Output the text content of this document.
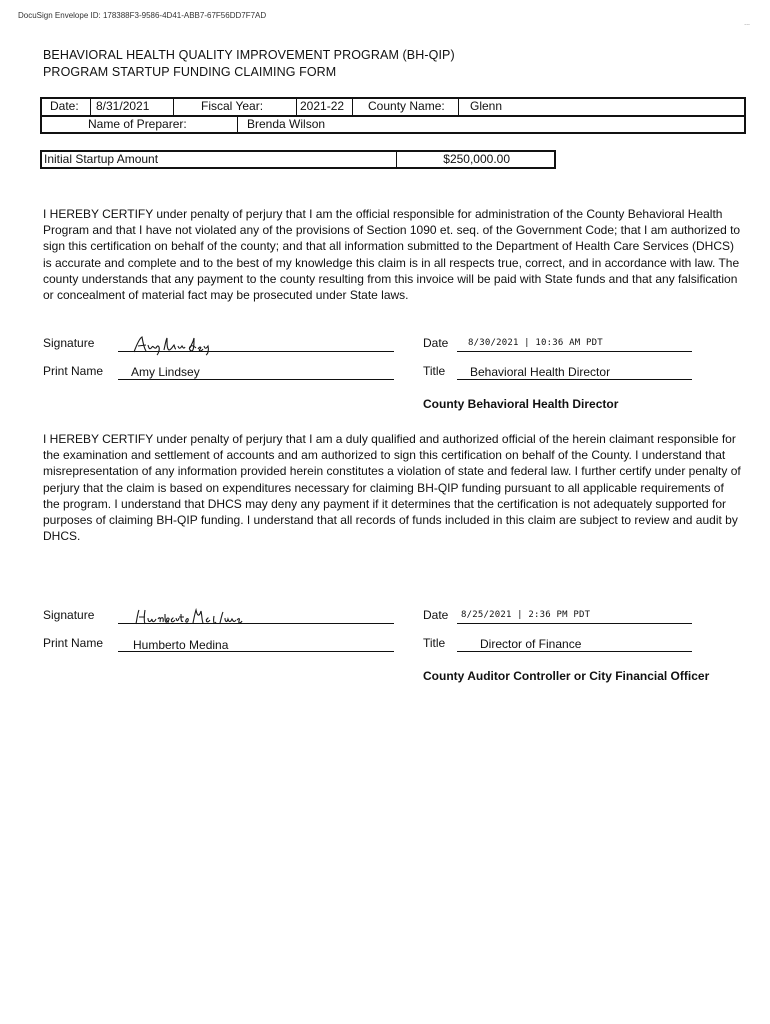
DocuSign Envelope ID: 178388F3-9586-4D41-ABB7-67F56DD7F7AD
...
BEHAVIORAL HEALTH QUALITY IMPROVEMENT PROGRAM (BH-QIP)
PROGRAM STARTUP FUNDING CLAIMING FORM
Date:	8/31/2021	Fiscal Year:	2021-22	County Name:	Glenn
Name of Preparer:	Brenda Wilson
Initial Startup Amount	$250,000.00
I HEREBY CERTIFY under penalty of perjury that I am the official responsible for administration of the County Behavioral Health Program and that I have not violated any of the provisions of Section 1090 et. seq. of the Government Code; that I am authorized to sign this certification on behalf of the county; and that all information submitted to the Department of Health Care Services (DHCS) is accurate and complete and to the best of my knowledge this claim is in all respects true, correct, and in accordance with law. The county understands that any payment to the county resulting from this invoice will be paid with State funds and that any falsification or concealment of material fact may be prosecuted under State laws.
Signature
Print Name Amy Lindsey
Date 8/30/2021 | 10:36 AM PDT
Title Behavioral Health Director
County Behavioral Health Director
I HEREBY CERTIFY under penalty of perjury that I am a duly qualified and authorized official of the herein claimant responsible for the examination and settlement of accounts and am authorized to sign this certification on behalf of the County. I understand that misrepresentation of any information provided herein constitutes a violation of state and federal law. I further certify under penalty of perjury that the claim is based on expenditures necessary for claiming BH-QIP funding pursuant to all applicable requirements of the program. I understand that DHCS may deny any payment if it determines that the certification is not adequately supported for purposes of claiming BH-QIP funding. I understand that all records of funds included in this claim are subject to review and audit by DHCS.
Signature
Print Name Humberto Medina
Date 8/25/2021 | 2:36 PM PDT
Title	Director of Finance
County Auditor Controller or City Financial Officer
